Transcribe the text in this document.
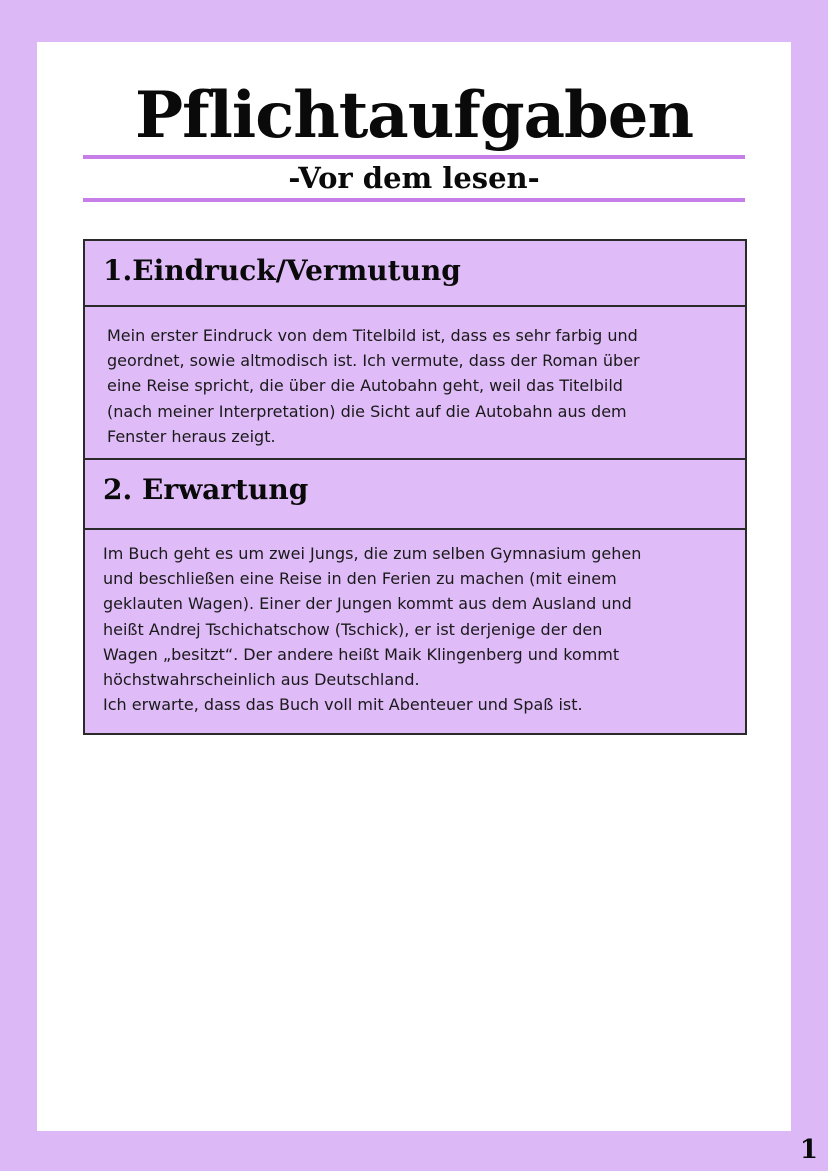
Pflichtaufgaben
-Vor dem lesen-
1.Eindruck/Vermutung

Mein erster Eindruck von dem Titelbild ist, dass es sehr farbig und
geordnet, sowie altmodisch ist. Ich vermute, dass der Roman über
eine Reise spricht, die über die Autobahn geht, weil das Titelbild
(nach meiner Interpretation) die Sicht auf die Autobahn aus dem
Fenster heraus zeigt.

2. Erwartung

Im Buch geht es um zwei Jungs, die zum selben Gymnasium gehen
und beschließen eine Reise in den Ferien zu machen (mit einem
geklauten Wagen). Einer der Jungen kommt aus dem Ausland und
heißt Andrej Tschichatschow (Tschick), er ist derjenige der den
Wagen „besitzt“. Der andere heißt Maik Klingenberg und kommt
höchstwahrscheinlich aus Deutschland.
Ich erwarte, dass das Buch voll mit Abenteuer und Spaß ist.

1
